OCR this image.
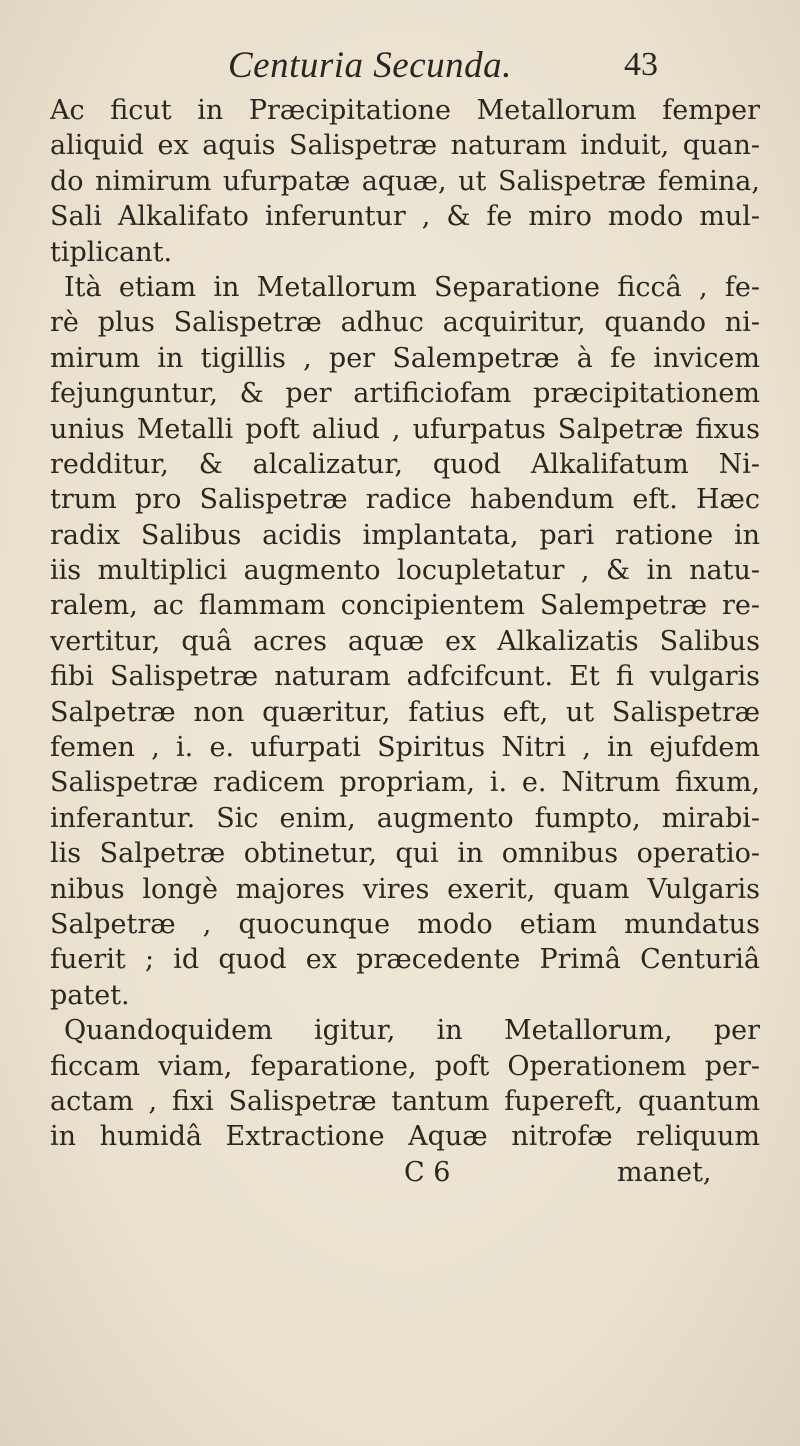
Centuria Secunda.	43
Ac ficut in Præcipitatione Metallorum femper
aliquid ex aquis Salispetræ naturam induit, quan-
do nimirum ufurpatæ aquæ, ut Salispetræ femina,
Sali Alkalifato inferuntur , & fe miro modo mul-
tiplicant.
Ità etiam in Metallorum Separatione ficcâ , fe-
rè plus Salispetræ adhuc acquiritur, quando ni-
mirum in tigillis , per Salempetræ à fe invicem
fejunguntur, & per artificiofam præcipitationem
unius Metalli poft aliud , ufurpatus Salpetræ fixus
redditur, & alcalizatur, quod Alkalifatum Ni-
trum pro Salispetræ radice habendum eft. Hæc
radix Salibus acidis implantata, pari ratione in
iis multiplici augmento locupletatur , & in natu-
ralem, ac flammam concipientem Salempetræ re-
vertitur, quâ acres aquæ ex Alkalizatis Salibus
fibi Salispetræ naturam adfcifcunt. Et fi vulgaris
Salpetræ non quæritur, fatius eft, ut Salispetræ
femen , i. e. ufurpati Spiritus Nitri , in ejufdem
Salispetræ radicem propriam, i. e. Nitrum fixum,
inferantur. Sic enim, augmento fumpto, mirabi-
lis Salpetræ obtinetur, qui in omnibus operatio-
nibus longè majores vires exerit, quam Vulgaris
Salpetræ , quocunque modo etiam mundatus
fuerit ; id quod ex præcedente Primâ Centuriâ
patet.
Quandoquidem igitur, in Metallorum, per
ficcam viam, feparatione, poft Operationem per-
actam , fixi Salispetræ tantum fupereft, quantum
in humidâ Extractione Aquæ nitrofæ reliquum
C 6	manet,
